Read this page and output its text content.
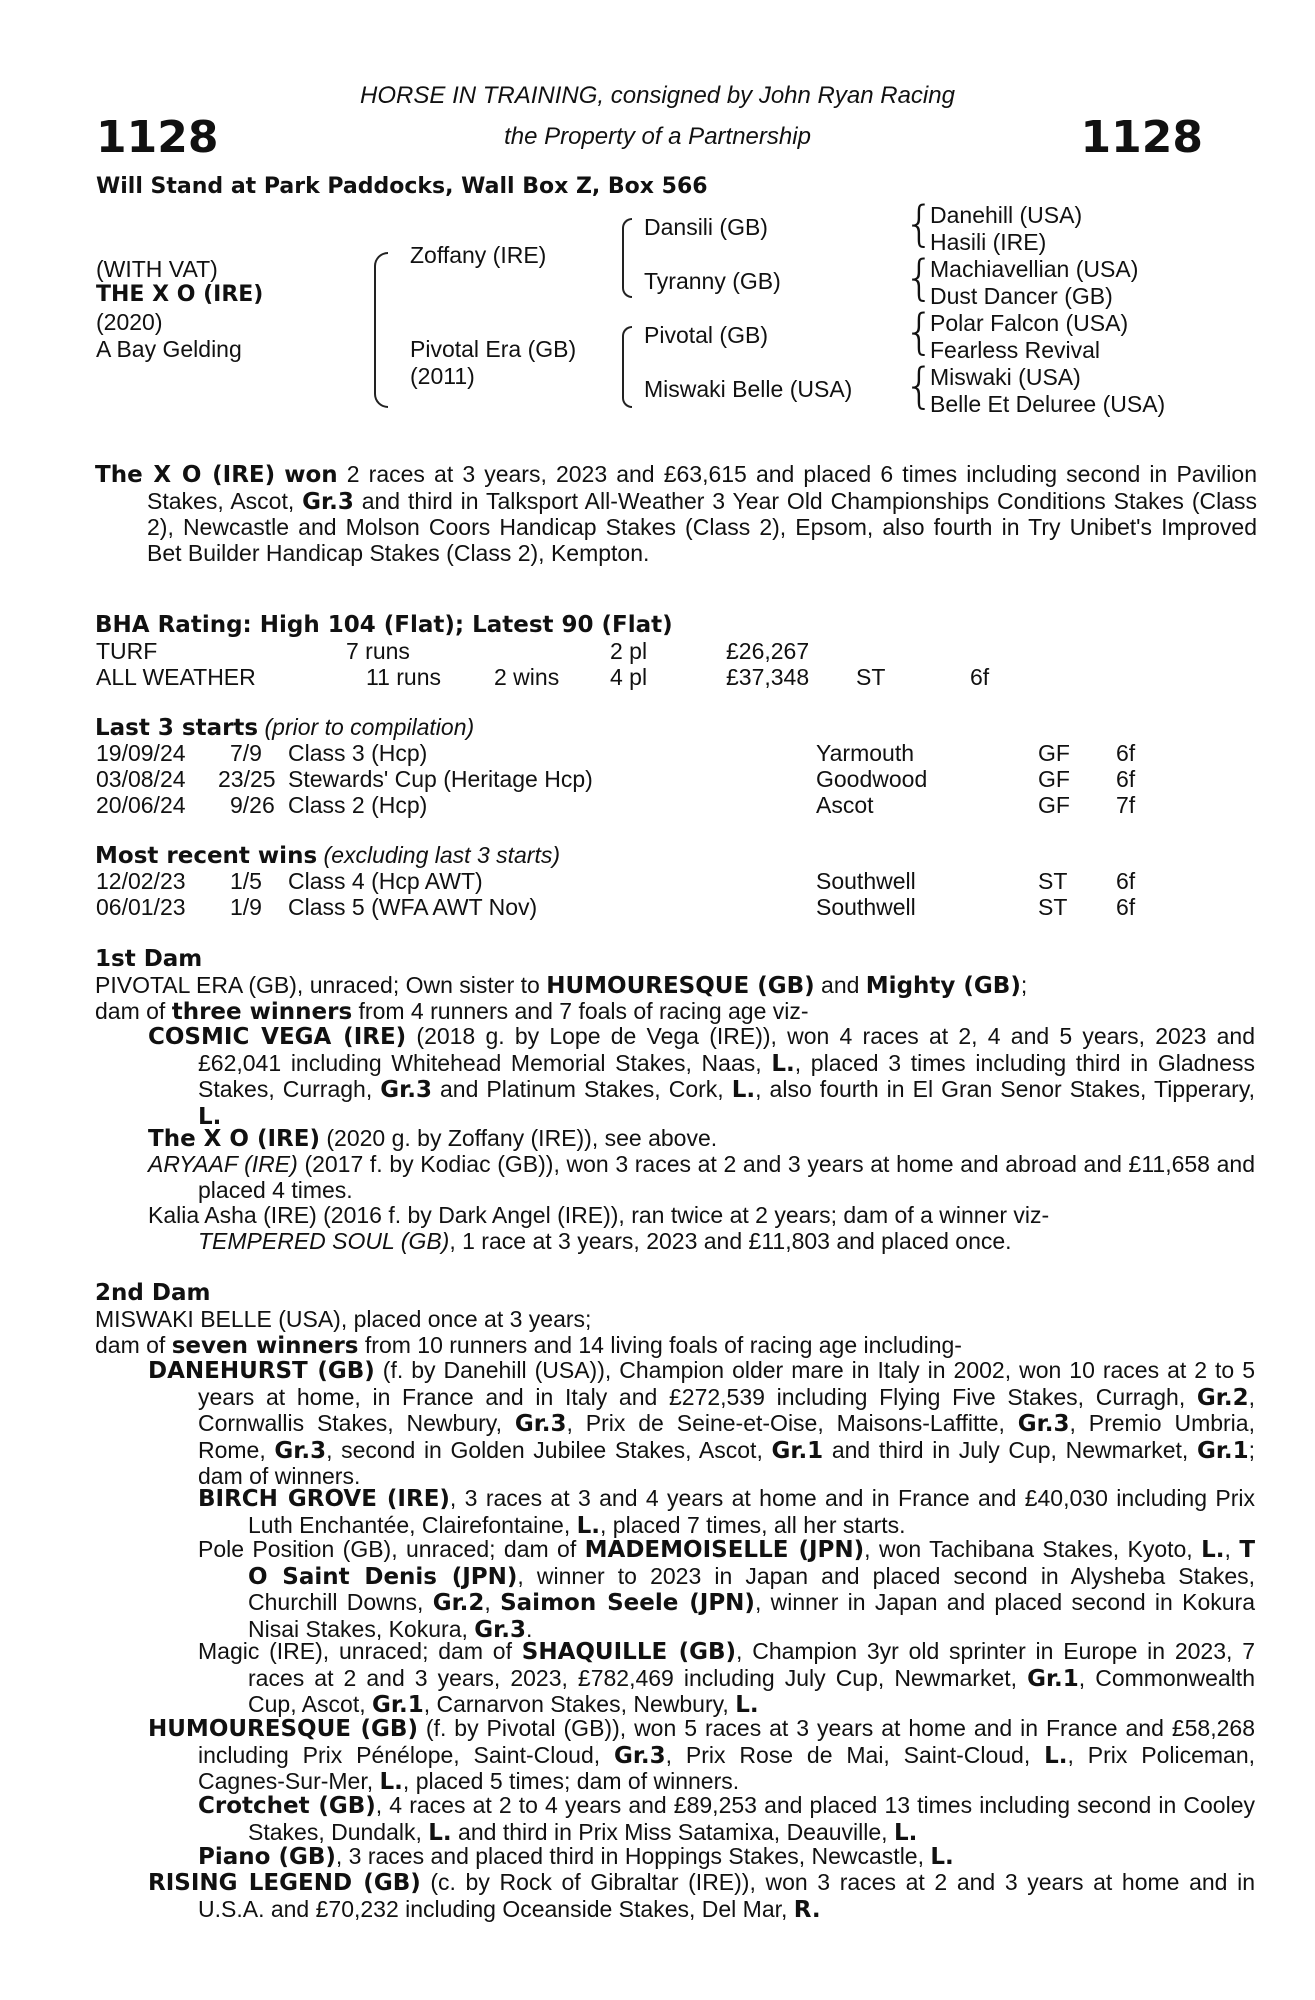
1128	1128
HORSE IN TRAINING, consigned by John Ryan Racing
the Property of a Partnership
Will Stand at Park Paddocks, Wall Box Z, Box 566
(WITH VAT)
THE X O (IRE)
(2020)
A Bay Gelding
Zoffany (IRE)
Pivotal Era (GB)
(2011)
Dansili (GB)
Tyranny (GB)
Pivotal (GB)
Miswaki Belle (USA)
{
{
{
{
Danehill (USA)
Hasili (IRE)
Machiavellian (USA)
Dust Dancer (GB)
Polar Falcon (USA)
Fearless Revival
Miswaki (USA)
Belle Et Deluree (USA)
The X O (IRE) won 2 races at 3 years, 2023 and £63,615 and placed 6 times including second in Pavilion Stakes, Ascot, Gr.3 and third in Talksport All-Weather 3 Year Old Championships Conditions Stakes (Class 2), Newcastle and Molson Coors Handicap Stakes (Class 2), Epsom, also fourth in Try Unibet's Improved Bet Builder Handicap Stakes (Class 2), Kempton.
BHA Rating: High 104 (Flat); Latest 90 (Flat)
TURF	7 runs	2 pl	£26,267
ALL WEATHER	11 runs 2 wins 4 pl	£37,348 ST	6f
Last 3 starts (prior to compilation)
19/09/24 7/9 Class 3 (Hcp)	Yarmouth	GF 6f
03/08/24 23/25 Stewards' Cup (Heritage Hcp)	Goodwood	GF 6f
20/06/24 9/26 Class 2 (Hcp)	Ascot	GF 7f
Most recent wins (excluding last 3 starts)
12/02/23 1/5 Class 4 (Hcp AWT)	Southwell	ST 6f
06/01/23 1/9 Class 5 (WFA AWT Nov)	Southwell	ST 6f
1st Dam
PIVOTAL ERA (GB), unraced; Own sister to HUMOURESQUE (GB) and Mighty (GB);
dam of three winners from 4 runners and 7 foals of racing age viz-
COSMIC VEGA (IRE) (2018 g. by Lope de Vega (IRE)), won 4 races at 2, 4 and 5 years, 2023 and £62,041 including Whitehead Memorial Stakes, Naas, L., placed 3 times including third in Gladness Stakes, Curragh, Gr.3 and Platinum Stakes, Cork, L., also fourth in El Gran Senor Stakes, Tipperary, L.
The X O (IRE) (2020 g. by Zoffany (IRE)), see above.
ARYAAF (IRE) (2017 f. by Kodiac (GB)), won 3 races at 2 and 3 years at home and abroad and £11,658 and placed 4 times.
Kalia Asha (IRE) (2016 f. by Dark Angel (IRE)), ran twice at 2 years; dam of a winner viz-
TEMPERED SOUL (GB), 1 race at 3 years, 2023 and £11,803 and placed once.
2nd Dam
MISWAKI BELLE (USA), placed once at 3 years;
dam of seven winners from 10 runners and 14 living foals of racing age including-
DANEHURST (GB) (f. by Danehill (USA)), Champion older mare in Italy in 2002, won 10 races at 2 to 5 years at home, in France and in Italy and £272,539 including Flying Five Stakes, Curragh, Gr.2, Cornwallis Stakes, Newbury, Gr.3, Prix de Seine-et-Oise, Maisons-Laffitte, Gr.3, Premio Umbria, Rome, Gr.3, second in Golden Jubilee Stakes, Ascot, Gr.1 and third in July Cup, Newmarket, Gr.1; dam of winners.
BIRCH GROVE (IRE), 3 races at 3 and 4 years at home and in France and £40,030 including Prix Luth Enchantée, Clairefontaine, L., placed 7 times, all her starts.
Pole Position (GB), unraced; dam of MADEMOISELLE (JPN), won Tachibana Stakes, Kyoto, L., T O Saint Denis (JPN), winner to 2023 in Japan and placed second in Alysheba Stakes, Churchill Downs, Gr.2, Saimon Seele (JPN), winner in Japan and placed second in Kokura Nisai Stakes, Kokura, Gr.3.
Magic (IRE), unraced; dam of SHAQUILLE (GB), Champion 3yr old sprinter in Europe in 2023, 7 races at 2 and 3 years, 2023, £782,469 including July Cup, Newmarket, Gr.1, Commonwealth Cup, Ascot, Gr.1, Carnarvon Stakes, Newbury, L.
HUMOURESQUE (GB) (f. by Pivotal (GB)), won 5 races at 3 years at home and in France and £58,268 including Prix Pénélope, Saint-Cloud, Gr.3, Prix Rose de Mai, Saint-Cloud, L., Prix Policeman, Cagnes-Sur-Mer, L., placed 5 times; dam of winners.
Crotchet (GB), 4 races at 2 to 4 years and £89,253 and placed 13 times including second in Cooley Stakes, Dundalk, L. and third in Prix Miss Satamixa, Deauville, L.
Piano (GB), 3 races and placed third in Hoppings Stakes, Newcastle, L.
RISING LEGEND (GB) (c. by Rock of Gibraltar (IRE)), won 3 races at 2 and 3 years at home and in U.S.A. and £70,232 including Oceanside Stakes, Del Mar, R.
